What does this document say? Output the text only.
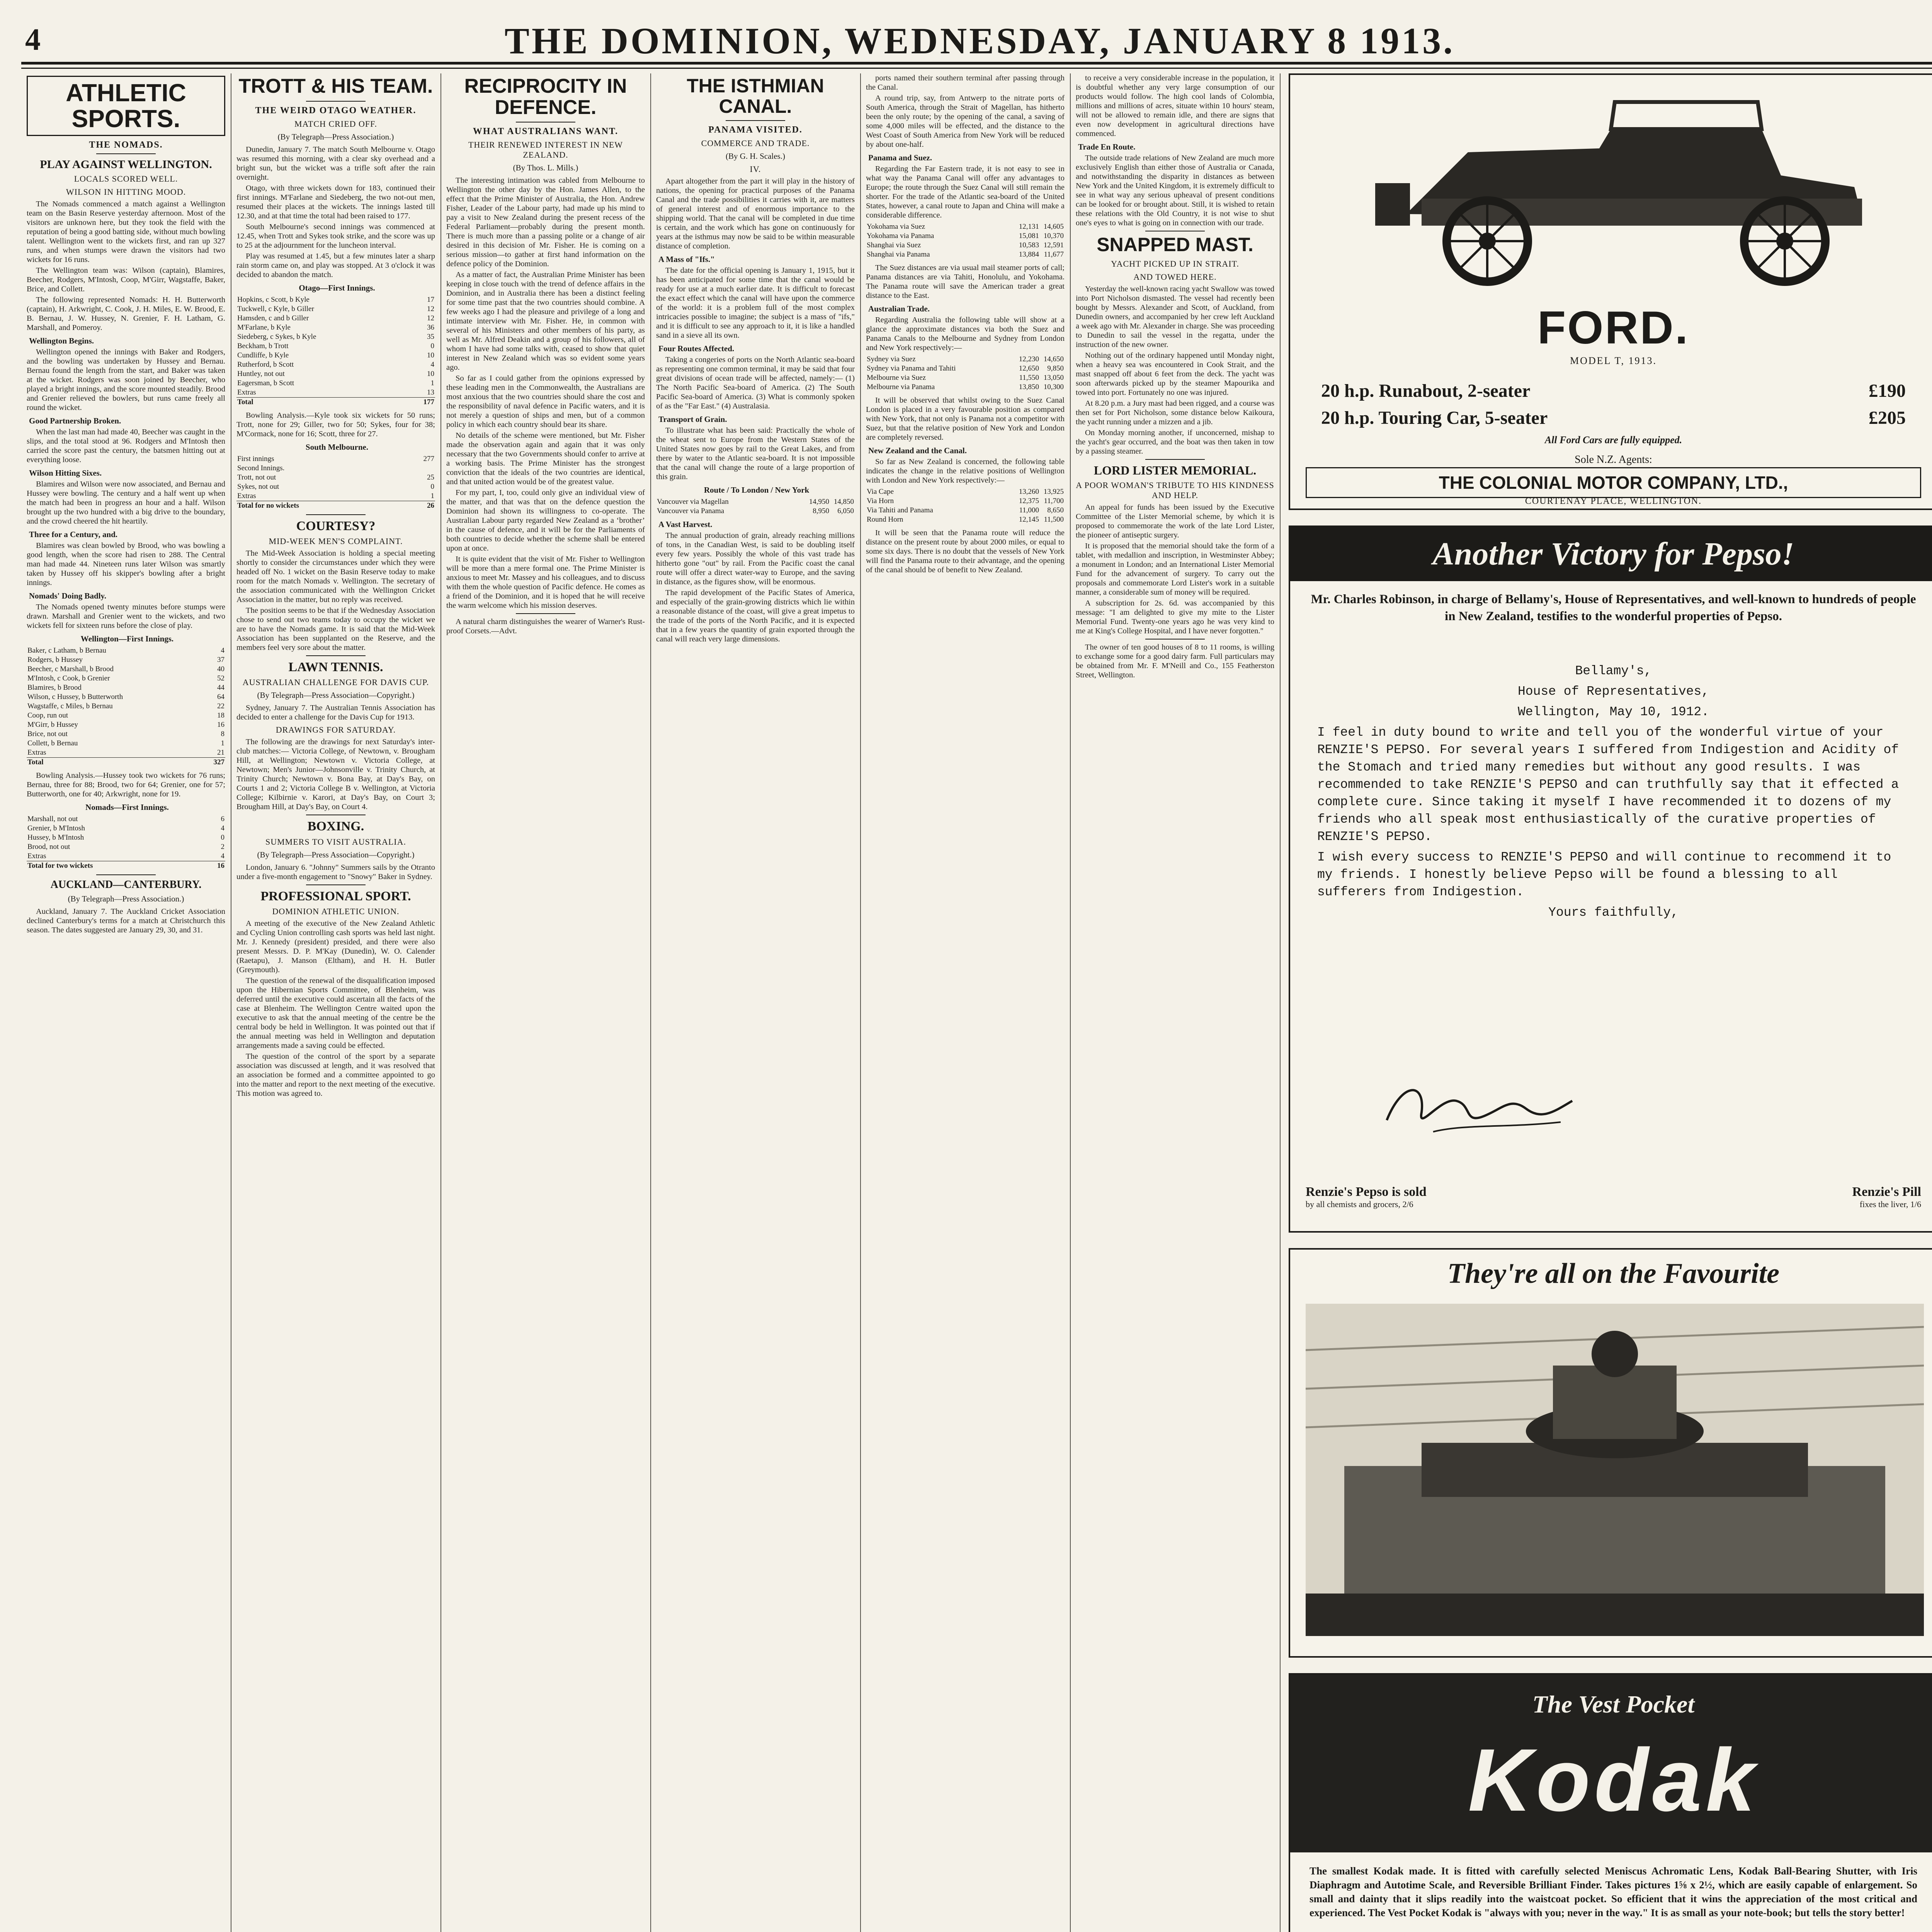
4	THE DOMINION, WEDNESDAY, JANUARY 8 1913.
ATHLETIC SPORTS.
THE NOMADS.
PLAY AGAINST WELLINGTON.
LOCALS SCORED WELL.
WILSON IN HITTING MOOD.

The Nomads commenced a match against a Wellington team on the Basin Reserve yesterday afternoon. Most of the visitors are unknown here, but they took the field with the reputation of being a good batting side, without much bowling talent. Wellington went to the wickets first, and ran up 327 runs, and when stumps were drawn the visitors had two wickets for 16 runs.

The Wellington team was: Wilson (captain), Blamires, Beecher, Rodgers, M'Intosh, Coop, M'Girr, Wagstaffe, Baker, Brice, and Collett.

The following represented Nomads: H. H. Butterworth (captain), H. Arkwright, C. Cook, J. H. Miles, E. W. Brood, E. B. Bernau, J. W. Hussey, N. Grenier, F. H. Latham, G. Marshall, and Pomeroy.

Wellington Begins.

Wellington opened the innings with Baker and Rodgers, and the bowling was undertaken by Hussey and Bernau. Bernau found the length from the start, and Baker was taken at the wicket. Rodgers was soon joined by Beecher, who played a bright innings, and the score mounted steadily. Brood and Grenier relieved the bowlers, but runs came freely all round the wicket.

Good Partnership Broken.

When the last man had made 40, Beecher was caught in the slips, and the total stood at 96. Rodgers and M'Intosh then carried the score past the century, the batsmen hitting out at everything loose.

Wilson Hitting Sixes.

Blamires and Wilson were now associated, and Bernau and Hussey were bowling. The century and a half went up when the match had been in progress an hour and a half. Wilson brought up the two hundred with a big drive to the boundary, and the crowd cheered the hit heartily.

Three for a Century, and.

Blamires was clean bowled by Brood, who was bowling a good length, when the score had risen to 288. The Central man had made 44. Nineteen runs later Wilson was smartly taken by Hussey off his skipper's bowling after a bright innings.

Nomads' Doing Badly.

The Nomads opened twenty minutes before stumps were drawn. Marshall and Grenier went to the wickets, and two wickets fell for sixteen runs before the close of play.

Wellington—First Innings.
Baker, c Latham, b Bernau	4
Rodgers, b Hussey	37
Beecher, c Marshall, b Brood	40
M'Intosh, c Cook, b Grenier	52
Blamires, b Brood	44
Wilson, c Hussey, b Butterworth	64
Wagstaffe, c Miles, b Bernau	22
Coop, run out	18
M'Girr, b Hussey	16
Brice, not out	8
Collett, b Bernau	1
Extras	21
Total	327

Bowling Analysis.—Hussey took two wickets for 76 runs; Bernau, three for 88; Brood, two for 64; Grenier, one for 57; Butterworth, one for 40; Arkwright, none for 19.

Nomads—First Innings.
Marshall, not out	6
Grenier, b M'Intosh	4
Hussey, b M'Intosh	0
Brood, not out	2
Extras	4
Total for two wickets	16
AUCKLAND—CANTERBURY.
(By Telegraph—Press Association.)

Auckland, January 7. The Auckland Cricket Association declined Canterbury's terms for a match at Christchurch this season. The dates suggested are January 29, 30, and 31.

TROTT & HIS TEAM.
THE WEIRD OTAGO WEATHER.
MATCH CRIED OFF.
(By Telegraph—Press Association.)

Dunedin, January 7. The match South Melbourne v. Otago was resumed this morning, with a clear sky overhead and a bright sun, but the wicket was a trifle soft after the rain overnight.

Otago, with three wickets down for 183, continued their first innings. M'Farlane and Siedeberg, the two not-out men, resumed their places at the wickets. The innings lasted till 12.30, and at that time the total had been raised to 177.

South Melbourne's second innings was commenced at 12.45, when Trott and Sykes took strike, and the score was up to 25 at the adjournment for the luncheon interval.

Play was resumed at 1.45, but a few minutes later a sharp rain storm came on, and play was stopped. At 3 o'clock it was decided to abandon the match.

Otago—First Innings.
Hopkins, c Scott, b Kyle	17
Tuckwell, c Kyle, b Giller	12
Hamsden, c and b Giller	12
M'Farlane, b Kyle	36
Siedeberg, c Sykes, b Kyle	35
Beckham, b Trott	0
Cundliffe, b Kyle	10
Rutherford, b Scott	4
Huntley, not out	10
Eagersman, b Scott	1
Extras	13
Total	177

Bowling Analysis.—Kyle took six wickets for 50 runs; Trott, none for 29; Giller, two for 50; Sykes, four for 38; M'Cormack, none for 16; Scott, three for 27.

South Melbourne.
First innings	277
Second Innings.	
Trott, not out	25
Sykes, not out	0
Extras	1
Total for no wickets	26
COURTESY?
MID-WEEK MEN'S COMPLAINT.

The Mid-Week Association is holding a special meeting shortly to consider the circumstances under which they were headed off No. 1 wicket on the Basin Reserve today to make room for the match Nomads v. Wellington. The secretary of the association communicated with the Wellington Cricket Association in the matter, but no reply was received.

The position seems to be that if the Wednesday Association chose to send out two teams today to occupy the wicket we are to have the Nomads game. It is said that the Mid-Week Association has been supplanted on the Reserve, and the members feel very sore about the matter.

LAWN TENNIS.
AUSTRALIAN CHALLENGE FOR DAVIS CUP.
(By Telegraph—Press Association—Copyright.)

Sydney, January 7. The Australian Tennis Association has decided to enter a challenge for the Davis Cup for 1913.

DRAWINGS FOR SATURDAY.

The following are the drawings for next Saturday's inter-club matches:— Victoria College, of Newtown, v. Brougham Hill, at Wellington; Newtown v. Victoria College, at Newtown; Men's Junior—Johnsonville v. Trinity Church, at Trinity Church; Newtown v. Bona Bay, at Day's Bay, on Courts 1 and 2; Victoria College B v. Wellington, at Victoria College; Kilbirnie v. Karori, at Day's Bay, on Court 3; Brougham Hill, at Day's Bay, on Court 4.

BOXING.
SUMMERS TO VISIT AUSTRALIA.
(By Telegraph—Press Association—Copyright.)

London, January 6. "Johnny" Summers sails by the Otranto under a five-month engagement to "Snowy" Baker in Sydney.

PROFESSIONAL SPORT.
DOMINION ATHLETIC UNION.

A meeting of the executive of the New Zealand Athletic and Cycling Union controlling cash sports was held last night. Mr. J. Kennedy (president) presided, and there were also present Messrs. D. P. M'Kay (Dunedin), W. O. Calender (Raetapu), J. Manson (Eltham), and H. H. Butler (Greymouth).

The question of the renewal of the disqualification imposed upon the Hibernian Sports Committee, of Blenheim, was deferred until the executive could ascertain all the facts of the case at Blenheim. The Wellington Centre waited upon the executive to ask that the annual meeting of the centre be the central body be held in Wellington. It was pointed out that if the annual meeting was held in Wellington and deputation arrangements made a saving could be effected.

The question of the control of the sport by a separate association was discussed at length, and it was resolved that an association be formed and a committee appointed to go into the matter and report to the next meeting of the executive. This motion was agreed to.

RECIPROCITY IN DEFENCE.
WHAT AUSTRALIANS WANT.
THEIR RENEWED INTEREST IN NEW ZEALAND.
(By Thos. L. Mills.)

The interesting intimation was cabled from Melbourne to Wellington the other day by the Hon. James Allen, to the effect that the Prime Minister of Australia, the Hon. Andrew Fisher, Leader of the Labour party, had made up his mind to pay a visit to New Zealand during the present recess of the Federal Parliament—probably during the present month. There is much more than a passing polite or a change of air desired in this decision of Mr. Fisher. He is coming on a serious mission—to gather at first hand information on the defence policy of the Dominion.

As a matter of fact, the Australian Prime Minister has been keeping in close touch with the trend of defence affairs in the Dominion, and in Australia there has been a distinct feeling for some time past that the two countries should combine. A few weeks ago I had the pleasure and privilege of a long and intimate interview with Mr. Fisher. He, in common with several of his Ministers and other members of his party, as well as Mr. Alfred Deakin and a group of his followers, all of whom I have had some talks with, ceased to show that quiet interest in New Zealand which was so evident some years ago.

So far as I could gather from the opinions expressed by these leading men in the Commonwealth, the Australians are most anxious that the two countries should share the cost and the responsibility of naval defence in Pacific waters, and it is not merely a question of ships and men, but of a common policy in which each country should bear its share.

No details of the scheme were mentioned, but Mr. Fisher made the observation again and again that it was only necessary that the two Governments should confer to arrive at a working basis. The Prime Minister has the strongest conviction that the ideals of the two countries are identical, and that united action would be of the greatest value.

For my part, I, too, could only give an individual view of the matter, and that was that on the defence question the Dominion had shown its willingness to co-operate. The Australian Labour party regarded New Zealand as a ‘brother’ in the cause of defence, and it will be for the Parliaments of both countries to decide whether the scheme shall be entered upon at once.

It is quite evident that the visit of Mr. Fisher to Wellington will be more than a mere formal one. The Prime Minister is anxious to meet Mr. Massey and his colleagues, and to discuss with them the whole question of Pacific defence. He comes as a friend of the Dominion, and it is hoped that he will receive the warm welcome which his mission deserves.

A natural charm distinguishes the wearer of Warner's Rust-proof Corsets.—Advt.

THE ISTHMIAN CANAL.
PANAMA VISITED.
COMMERCE AND TRADE.
(By G. H. Scales.)
IV.

Apart altogether from the part it will play in the history of nations, the opening for practical purposes of the Panama Canal and the trade possibilities it carries with it, are matters of general interest and of enormous importance to the shipping world. That the canal will be completed in due time is certain, and the work which has gone on continuously for years at the isthmus may now be said to be within measurable distance of completion.

A Mass of "Ifs."

The date for the official opening is January 1, 1915, but it has been anticipated for some time that the canal would be ready for use at a much earlier date. It is difficult to forecast the exact effect which the canal will have upon the commerce of the world: it is a problem full of the most complex intricacies possible to imagine; the subject is a mass of "ifs," and it is difficult to see any approach to it, it is like a handled sand in a sieve all its own.

Four Routes Affected.

Taking a congeries of ports on the North Atlantic sea-board as representing one common terminal, it may be said that four great divisions of ocean trade will be affected, namely:— (1) The North Pacific Sea-board of America. (2) The South Pacific Sea-board of America. (3) What is commonly spoken of as the "Far East." (4) Australasia.

Transport of Grain.

To illustrate what has been said: Practically the whole of the wheat sent to Europe from the Western States of the United States now goes by rail to the Great Lakes, and from there by water to the Atlantic sea-board. It is not impossible that the canal will change the route of a large proportion of this grain.

Route / To London / New York
Vancouver via Magellan	14,950	14,850
Vancouver via Panama	8,950	6,050
A Vast Harvest.

The annual production of grain, already reaching millions of tons, in the Canadian West, is said to be doubling itself every few years. Possibly the whole of this vast trade has hitherto gone "out" by rail. From the Pacific coast the canal route will offer a direct water-way to Europe, and the saving in distance, as the figures show, will be enormous.

The rapid development of the Pacific States of America, and especially of the grain-growing districts which lie within a reasonable distance of the coast, will give a great impetus to the trade of the ports of the North Pacific, and it is expected that in a few years the quantity of grain exported through the canal will reach very large dimensions.

ports named their southern terminal after passing through the Canal.

A round trip, say, from Antwerp to the nitrate ports of South America, through the Strait of Magellan, has hitherto been the only route; by the opening of the canal, a saving of some 4,000 miles will be effected, and the distance to the West Coast of South America from New York will be reduced by about one-half.

Panama and Suez.

Regarding the Far Eastern trade, it is not easy to see in what way the Panama Canal will offer any advantages to Europe; the route through the Suez Canal will still remain the shorter. For the trade of the Atlantic sea-board of the United States, however, a canal route to Japan and China will make a considerable difference.

Yokohama via Suez	12,131	14,605
Yokohama via Panama	15,081	10,370
Shanghai via Suez	10,583	12,591
Shanghai via Panama	13,884	11,677

The Suez distances are via usual mail steamer ports of call; Panama distances are via Tahiti, Honolulu, and Yokohama. The Panama route will save the American trader a great distance to the East.

Australian Trade.

Regarding Australia the following table will show at a glance the approximate distances via both the Suez and Panama Canals to the Melbourne and Sydney from London and New York respectively:—

Sydney via Suez	12,230	14,650
Sydney via Panama and Tahiti	12,650	9,850
Melbourne via Suez	11,550	13,050
Melbourne via Panama	13,850	10,300

It will be observed that whilst owing to the Suez Canal London is placed in a very favourable position as compared with New York, that not only is Panama not a competitor with Suez, but that the relative position of New York and London are completely reversed.

New Zealand and the Canal.

So far as New Zealand is concerned, the following table indicates the change in the relative positions of Wellington with London and New York respectively:—

Via Cape	13,260	13,925
Via Horn	12,375	11,700
Via Tahiti and Panama	11,000	8,650
Round Horn	12,145	11,500

It will be seen that the Panama route will reduce the distance on the present route by about 2000 miles, or equal to some six days. There is no doubt that the vessels of New York will find the Panama route to their advantage, and the opening of the canal should be of benefit to New Zealand.

to receive a very considerable increase in the population, it is doubtful whether any very large consumption of our products would follow. The high cool lands of Colombia, millions and millions of acres, situate within 10 hours' steam, will not be allowed to remain idle, and there are signs that even now development in agricultural directions have commenced.

Trade En Route.

The outside trade relations of New Zealand are much more exclusively English than either those of Australia or Canada, and notwithstanding the disparity in distances as between New York and the United Kingdom, it is extremely difficult to see in what way any serious upheaval of present conditions can be looked for or brought about. Still, it is wished to retain these relations with the Old Country, it is not wise to shut one's eyes to what is going on in connection with our trade.

SNAPPED MAST.
YACHT PICKED UP IN STRAIT.
AND TOWED HERE.

Yesterday the well-known racing yacht Swallow was towed into Port Nicholson dismasted. The vessel had recently been bought by Messrs. Alexander and Scott, of Auckland, from Dunedin owners, and accompanied by her crew left Auckland a week ago with Mr. Alexander in charge. She was proceeding to Dunedin to sail the vessel in the regatta, under the instruction of the new owner.

Nothing out of the ordinary happened until Monday night, when a heavy sea was encountered in Cook Strait, and the mast snapped off about 6 feet from the deck. The yacht was soon afterwards picked up by the steamer Mapourika and towed into port. Fortunately no one was injured.

At 8.20 p.m. a Jury mast had been rigged, and a course was then set for Port Nicholson, some distance below Kaikoura, the yacht running under a mizzen and a jib.

On Monday morning another, if unconcerned, mishap to the yacht's gear occurred, and the boat was then taken in tow by a passing steamer.

LORD LISTER MEMORIAL.
A POOR WOMAN'S TRIBUTE TO HIS KINDNESS AND HELP.

An appeal for funds has been issued by the Executive Committee of the Lister Memorial scheme, by which it is proposed to commemorate the work of the late Lord Lister, the pioneer of antiseptic surgery.

It is proposed that the memorial should take the form of a tablet, with medallion and inscription, in Westminster Abbey; a monument in London; and an International Lister Memorial Fund for the advancement of surgery. To carry out the proposals and commemorate Lord Lister's work in a suitable manner, a considerable sum of money will be required.

A subscription for 2s. 6d. was accompanied by this message: "I am delighted to give my mite to the Lister Memorial Fund. Twenty-one years ago he was very kind to me at King's College Hospital, and I have never forgotten."

The owner of ten good houses of 8 to 11 rooms, is willing to exchange some for a good dairy farm. Full particulars may be obtained from Mr. F. M'Neill and Co., 155 Featherston Street, Wellington.

FORD.
MODEL T, 1913.
20 h.p. Runabout, 2-seater	£190
20 h.p. Touring Car, 5-seater	£205
All Ford Cars are fully equipped.
Sole N.Z. Agents:
THE COLONIAL MOTOR COMPANY, LTD.,
COURTENAY PLACE, WELLINGTON.
Another Victory for Pepso!
Mr. Charles Robinson, in charge of Bellamy's, House of Representatives, and well-known to hundreds of people in New Zealand, testifies to the wonderful properties of Pepso.

Bellamy's,

House of Representatives,

Wellington, May 10, 1912.

I feel in duty bound to write and tell you of the wonderful virtue of your RENZIE'S PEPSO. For several years I suffered from Indigestion and Acidity of the Stomach and tried many remedies but without any good results. I was recommended to take RENZIE'S PEPSO and can truthfully say that it effected a complete cure. Since taking it myself I have recommended it to dozens of my friends who all speak most enthusiastically of the curative properties of RENZIE'S PEPSO.

I wish every success to RENZIE'S PEPSO and will continue to recommend it to my friends. I honestly believe Pepso will be found a blessing to all sufferers from Indigestion.

Yours faithfully,

Renzie's Pepso is sold
by all chemists and grocers, 2/6
Renzie's Pill
fixes the liver, 1/6
They're all on the Favourite
The Vest Pocket
Kodak
The smallest Kodak made. It is fitted with carefully selected Meniscus Achromatic Lens, Kodak Ball-Bearing Shutter, with Iris Diaphragm and Autotime Scale, and Reversible Brilliant Finder. Takes pictures 1⅝ x 2½, which are easily capable of enlargement. So small and dainty that it slips readily into the waistcoat pocket. So efficient that it wins the appreciation of the most critical and experienced. The Vest Pocket Kodak is "always with you; never in the way." It is as small as your note-book; but tells the story better!
